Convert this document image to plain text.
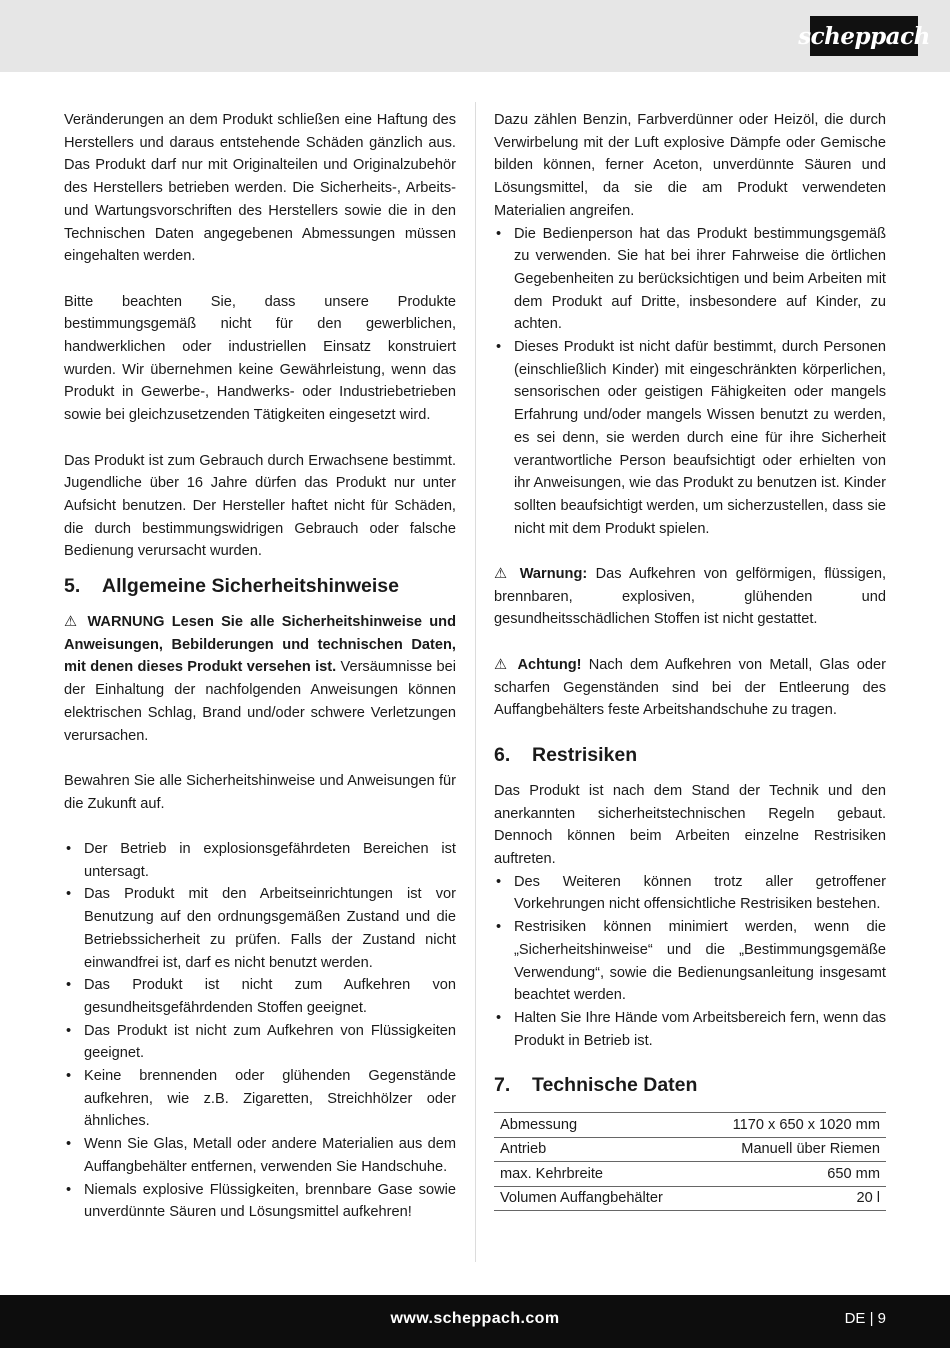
scheppach

Veränderungen an dem Produkt schließen eine Haftung des Herstellers und daraus entstehende Schäden gänzlich aus. Das Produkt darf nur mit Originalteilen und Originalzubehör des Herstellers betrieben werden. Die Sicherheits-, Arbeits- und Wartungsvorschriften des Herstellers sowie die in den Technischen Daten angegebenen Abmessungen müssen eingehalten werden.

Bitte beachten Sie, dass unsere Produkte bestimmungsgemäß nicht für den gewerblichen, handwerklichen oder industriellen Einsatz konstruiert wurden. Wir übernehmen keine Gewährleistung, wenn das Produkt in Gewerbe-, Handwerks- oder Industriebetrieben sowie bei gleichzusetzenden Tätigkeiten eingesetzt wird.

Das Produkt ist zum Gebrauch durch Erwachsene bestimmt. Jugendliche über 16 Jahre dürfen das Produkt nur unter Aufsicht benutzen. Der Hersteller haftet nicht für Schäden, die durch bestimmungswidrigen Gebrauch oder falsche Bedienung verursacht wurden.

5.	Allgemeine Sicherheitshinweise

⚠ WARNUNG Lesen Sie alle Sicherheitshinweise und Anweisungen, Bebilderungen und technischen Daten, mit denen dieses Produkt versehen ist. Versäumnisse bei der Einhaltung der nachfolgenden Anweisungen können elektrischen Schlag, Brand und/oder schwere Verletzungen verursachen.

Bewahren Sie alle Sicherheitshinweise und Anweisungen für die Zukunft auf.

• Der Betrieb in explosionsgefährdeten Bereichen ist untersagt.
• Das Produkt mit den Arbeitseinrichtungen ist vor Benutzung auf den ordnungsgemäßen Zustand und die Betriebssicherheit zu prüfen. Falls der Zustand nicht einwandfrei ist, darf es nicht benutzt werden.
• Das Produkt ist nicht zum Aufkehren von gesundheitsgefährdenden Stoffen geeignet.
• Das Produkt ist nicht zum Aufkehren von Flüssigkeiten geeignet.
• Keine brennenden oder glühenden Gegenstände aufkehren, wie z.B. Zigaretten, Streichhölzer oder ähnliches.
• Wenn Sie Glas, Metall oder andere Materialien aus dem Auffangbehälter entfernen, verwenden Sie Handschuhe.
• Niemals explosive Flüssigkeiten, brennbare Gase sowie unverdünnte Säuren und Lösungsmittel aufkehren!

Dazu zählen Benzin, Farbverdünner oder Heizöl, die durch Verwirbelung mit der Luft explosive Dämpfe oder Gemische bilden können, ferner Aceton, unverdünnte Säuren und Lösungsmittel, da sie die am Produkt verwendeten Materialien angreifen.

• Die Bedienperson hat das Produkt bestimmungsgemäß zu verwenden. Sie hat bei ihrer Fahrweise die örtlichen Gegebenheiten zu berücksichtigen und beim Arbeiten mit dem Produkt auf Dritte, insbesondere auf Kinder, zu achten.
• Dieses Produkt ist nicht dafür bestimmt, durch Personen (einschließlich Kinder) mit eingeschränkten körperlichen, sensorischen oder geistigen Fähigkeiten oder mangels Erfahrung und/oder mangels Wissen benutzt zu werden, es sei denn, sie werden durch eine für ihre Sicherheit verantwortliche Person beaufsichtigt oder erhielten von ihr Anweisungen, wie das Produkt zu benutzen ist. Kinder sollten beaufsichtigt werden, um sicherzustellen, dass sie nicht mit dem Produkt spielen.

⚠ Warnung: Das Aufkehren von gelförmigen, flüssigen, brennbaren, explosiven, glühenden und gesundheitsschädlichen Stoffen ist nicht gestattet.

⚠ Achtung! Nach dem Aufkehren von Metall, Glas oder scharfen Gegenständen sind bei der Entleerung des Auffangbehälters feste Arbeitshandschuhe zu tragen.

6.	Restrisiken

Das Produkt ist nach dem Stand der Technik und den anerkannten sicherheitstechnischen Regeln gebaut. Dennoch können beim Arbeiten einzelne Restrisiken auftreten.

• Des Weiteren können trotz aller getroffener Vorkehrungen nicht offensichtliche Restrisiken bestehen.
• Restrisiken können minimiert werden, wenn die „Sicherheitshinweise“ und die „Bestimmungsgemäße Verwendung“, sowie die Bedienungsanleitung insgesamt beachtet werden.
• Halten Sie Ihre Hände vom Arbeitsbereich fern, wenn das Produkt in Betrieb ist.
7.	Technische Daten
Abmessung	1170 x 650 x 1020 mm
Antrieb	Manuell über Riemen
max. Kehrbreite	650 mm
Volumen Auffangbehälter	20 l
www.scheppach.com	DE | 9
